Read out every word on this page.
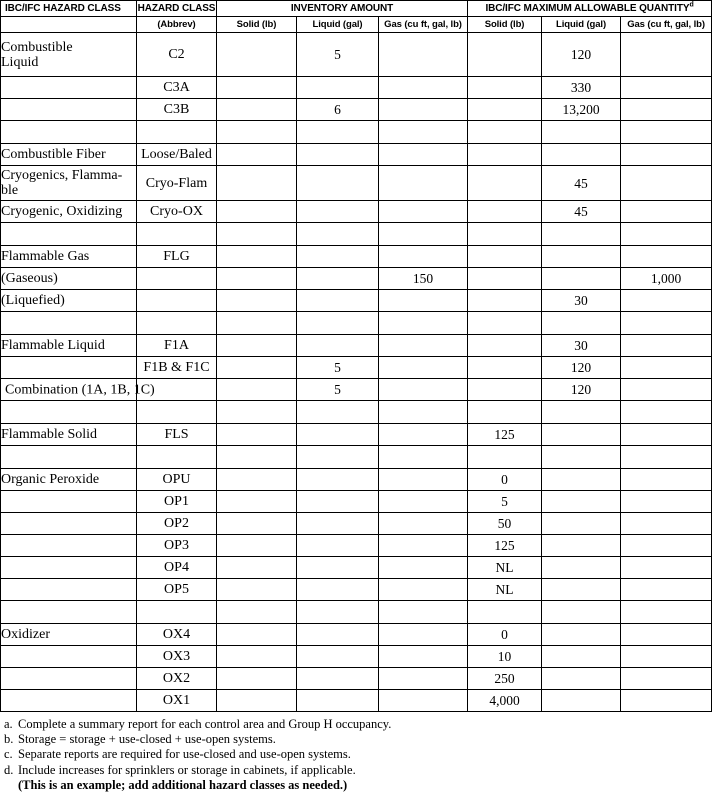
IBC/IFC HAZARD CLASS	HAZARD CLASS	INVENTORY AMOUNT			IBC/IFC MAXIMUM ALLOWABLE QUANTITY$^d$
	(Abbrev)	Solid (lb)	Liquid (gal)	Gas (cu ft, gal, lb)	Solid (lb)	Liquid (gal)	Gas (cu ft, gal, lb)
Combustible
Liquid	C2		5			120	
	C3A					330	
	C3B		6			13,200	

Combustible Fiber	Loose/Baled						
Cryogenics, Flamma-
ble	Cryo-Flam					45	
Cryogenic, Oxidizing	Cryo-OX					45	

Flammable Gas	FLG						
(Gaseous)				150			1,000
(Liquefied)						30	

Flammable Liquid	F1A					30	
	F1B & F1C		5			120	

Combination (1A, 1B, 1C)			5			120	

Flammable Solid	FLS				125		

Organic Peroxide	OPU				0		
	OP1				5		
	OP2				50		
	OP3				125		
	OP4				NL		
	OP5				NL		

Oxidizer	OX4				0		
	OX3				10		
	OX2				250		
	OX1				4,000		
a. Complete a summary report for each control area and Group H occupancy.
b. Storage = storage + use-closed + use-open systems.
c. Separate reports are required for use-closed and use-open systems.
d. Include increases for sprinklers or storage in cabinets, if applicable.
(This is an example; add additional hazard classes as needed.)
